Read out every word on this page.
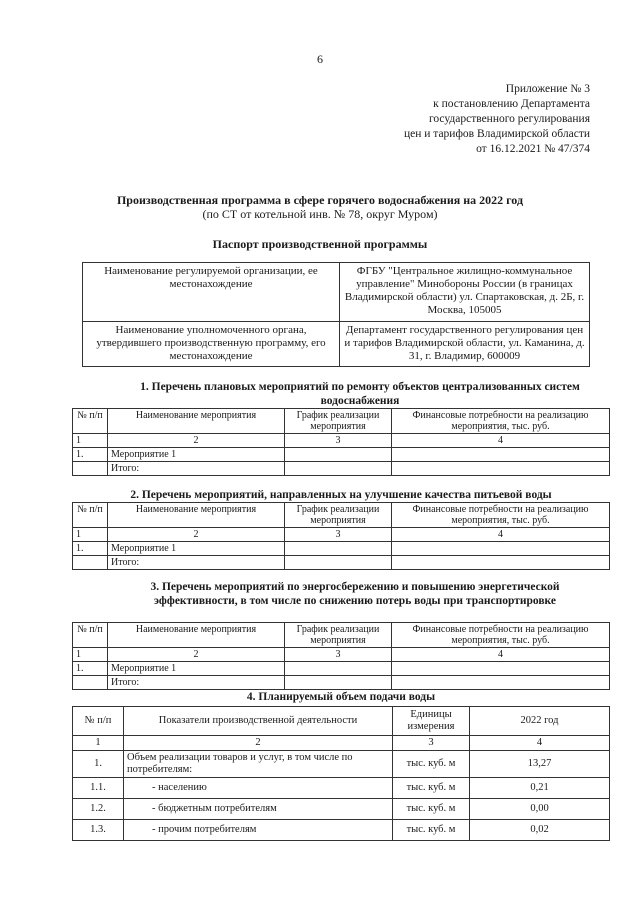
6
Приложение № 3
к постановлению Департамента
государственного регулирования
цен и тарифов Владимирской области
от 16.12.2021 № 47/374
Производственная программа в сфере горячего водоснабжения на 2022 год
(по СТ от котельной инв. № 78, округ Муром)
Паспорт производственной программы
Наименование регулируемой организации, ее местонахождение	ФГБУ "Центральное жилищно-коммунальное управление" Минобороны России (в границах Владимирской области) ул. Спартаковская, д. 2Б, г. Москва, 105005
Наименование уполномоченного органа, утвердившего производственную программу, его местонахождение	Департамент государственного регулирования цен и тарифов Владимирской области, ул. Каманина, д. 31, г. Владимир, 600009
1. Перечень плановых мероприятий по ремонту объектов централизованных систем водоснабжения
№ п/п	Наименование мероприятия	График реализации мероприятия	Финансовые потребности на реализацию мероприятия, тыс. руб.
1	2	3	4
1.	Мероприятие 1		
	Итого:		
2. Перечень мероприятий, направленных на улучшение качества питьевой воды
№ п/п	Наименование мероприятия	График реализации мероприятия	Финансовые потребности на реализацию мероприятия, тыс. руб.
1	2	3	4
1.	Мероприятие 1		
	Итого:		
3. Перечень мероприятий по энергосбережению и повышению энергетической эффективности, в том числе по снижению потерь воды при транспортировке
№ п/п	Наименование мероприятия	График реализации мероприятия	Финансовые потребности на реализацию мероприятия, тыс. руб.
1	2	3	4
1.	Мероприятие 1		
	Итого:		
4. Планируемый объем подачи воды
№ п/п	Показатели производственной деятельности	Единицы измерения	2022 год
1	2	3	4
1.	Объем реализации товаров и услуг, в том числе по потребителям:	тыс. куб. м	13,27
1.1.	- населению	тыс. куб. м	0,21
1.2.	- бюджетным потребителям	тыс. куб. м	0,00
1.3.	- прочим потребителям	тыс. куб. м	0,02
